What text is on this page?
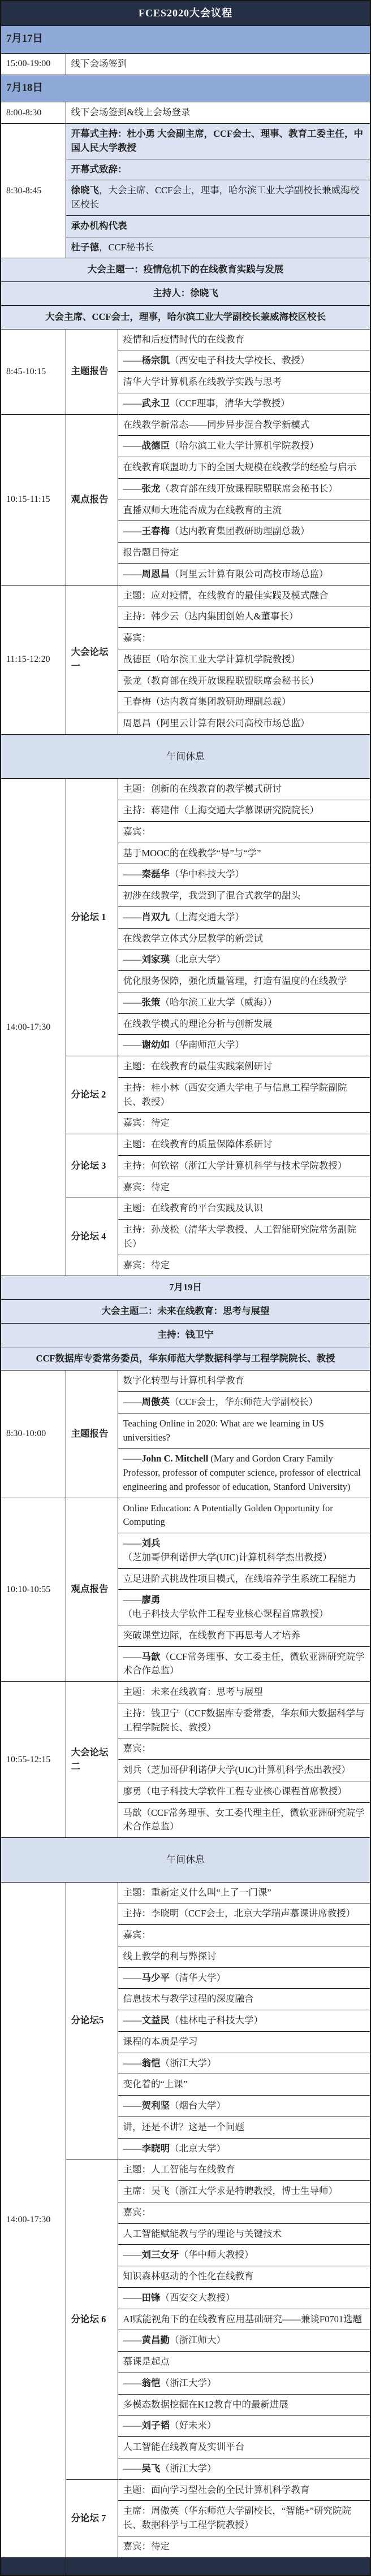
FCES2020大会议程		
7月17日		
15:00-19:00	线下会场签到	
7月18日		
8:00-8:30	线下会场签到&线上会场登录	
8:30-8:45	开幕式主持：杜小勇 大会副主席，CCF会士、理事、教育工委主任，中国人民大学教授	
	开幕式致辞：	
	徐晓飞，大会主席、CCF会士，理事，哈尔滨工业大学副校长兼威海校区校长	
	承办机构代表	
	杜子德，CCF秘书长	
大会主题一：疫情危机下的在线教育实践与发展		
主持人：徐晓飞		
大会主席、CCF会士，理事，哈尔滨工业大学副校长兼威海校区校长		
8:45-10:15	主题报告	疫情和后疫情时代的在线教育
		——杨宗凯（西安电子科技大学校长、教授）
		清华大学计算机系在线教学实践与思考
		——武永卫（CCF理事，清华大学教授）
10:15-11:15	观点报告	在线教学新常态——同步异步混合教学新模式
		——战德臣（哈尔滨工业大学计算机学院教授）
		在线教育联盟助力下的全国大规模在线教学的经验与启示
		——张龙（教育部在线开放课程联盟联席会秘书长）
		直播双师大班能否成为在线教育的主流
		——王春梅（达内教育集团教研助理副总裁）
		报告题目待定
		——周恩昌（阿里云计算有限公司高校市场总监）
11:15-12:20	大会论坛一	主题：应对疫情，在线教育的最佳实践及模式融合
		主持：韩少云（达内集团创始人&董事长）
		嘉宾：
		战德臣（哈尔滨工业大学计算机学院教授）
		张龙（教育部在线开放课程联盟联席会秘书长）
		王春梅（达内教育集团教研助理副总裁）
		周恩昌（阿里云计算有限公司高校市场总监）
午间休息		
14:00-17:30	分论坛 1	主题：创新的在线教育的教学模式研讨
		主持：蒋建伟（上海交通大学慕课研究院院长）
		嘉宾：
		基于MOOC的在线教学“导”与“学”
		——秦磊华（华中科技大学）
		初涉在线教学，我尝到了混合式教学的甜头
		——肖双九（上海交通大学）
		在线教学立体式分层教学的新尝试
		——刘家瑛（北京大学）
		优化服务保障，强化质量管理，打造有温度的在线教学
		——张策（哈尔滨工业大学（威海））
		在线教学模式的理论分析与创新发展
		——谢幼如（华南师范大学）
	分论坛 2	主题：在线教育的最佳实践案例研讨
		主持：桂小林（西安交通大学电子与信息工程学院副院长、教授）
		嘉宾：待定
	分论坛 3	主题：在线教育的质量保障体系研讨
		主持：何钦铭（浙江大学计算机科学与技术学院教授）
		嘉宾：待定
	分论坛 4	主题：在线教育的平台实践及认识
		主持：孙茂松（清华大学教授、人工智能研究院常务副院长）
		嘉宾：待定
7月19日		
大会主题二：未来在线教育：思考与展望		
主持：钱卫宁		
CCF数据库专委常务委员，华东师范大学数据科学与工程学院院长、教授		
8:30-10:00	主题报告	数字化转型与计算机科学教育
		——周傲英（CCF会士，华东师范大学副校长）
		Teaching Online in 2020: What are we learning in US universities?
		——John C. Mitchell (Mary and Gordon Crary Family Professor, professor of computer science, professor of electrical engineering and professor of education, Stanford University)
10:10-10:55	观点报告	Online Education: A Potentially Golden Opportunity for Computing
		——刘兵（芝加哥伊利诺伊大学(UIC)计算机科学杰出教授）
		立足进阶式挑战性项目模式，在线培养学生系统工程能力
		——廖勇（电子科技大学软件工程专业核心课程首席教授）
		突破课堂边际，在线教育下再思考人才培养
		——马歆（CCF常务理事、女工委主任，微软亚洲研究院学术合作总监）
10:55-12:15	大会论坛二	主题：未来在线教育：思考与展望
		主持：钱卫宁（CCF数据库专委常委，华东师大数据科学与工程学院院长、教授）
		嘉宾：
		刘兵（芝加哥伊利诺伊大学(UIC)计算机科学杰出教授）
		廖勇（电子科技大学软件工程专业核心课程首席教授）
		马歆（CCF常务理事、女工委代理主任，微软亚洲研究院学术合作总监）
午间休息		
14:00-17:30	分论坛5	主题：重新定义什么叫“上了一门课”
		主持：李晓明（CCF会士，北京大学瑞声慕课讲席教授）
		嘉宾：
		线上教学的利与弊探讨
		——马少平（清华大学）
		信息技术与教学过程的深度融合
		——文益民（桂林电子科技大学）
		课程的本质是学习
		——翁恺（浙江大学）
		变化着的“上课”
		——贺利坚（烟台大学）
		讲，还是不讲？这是一个问题
		——李晓明（北京大学）
	分论坛 6	主题：人工智能与在线教育
		主席：吴飞（浙江大学求是特聘教授，博士生导师）
		嘉宾：
		人工智能赋能教与学的理论与关键技术
		——刘三女牙（华中师大教授）
		知识森林驱动的个性化在线教育
		——田锋（西安交大教授）
		AI赋能视角下的在线教育应用基础研究——兼谈F0701选题
		——黄昌勤（浙江师大）
		慕课是起点
		——翁恺（浙江大学）
		多模态数据挖掘在K12教育中的最新进展
		——刘子韬（好未来）
		人工智能在线教育及实训平台
		——吴飞（浙江大学）
	分论坛 7	主题：面向学习型社会的全民计算机科学教育
		主席：周傲英（华东师范大学副校长，“智能+”研究院院长、数据科学与工程学院教授）
		嘉宾：待定
